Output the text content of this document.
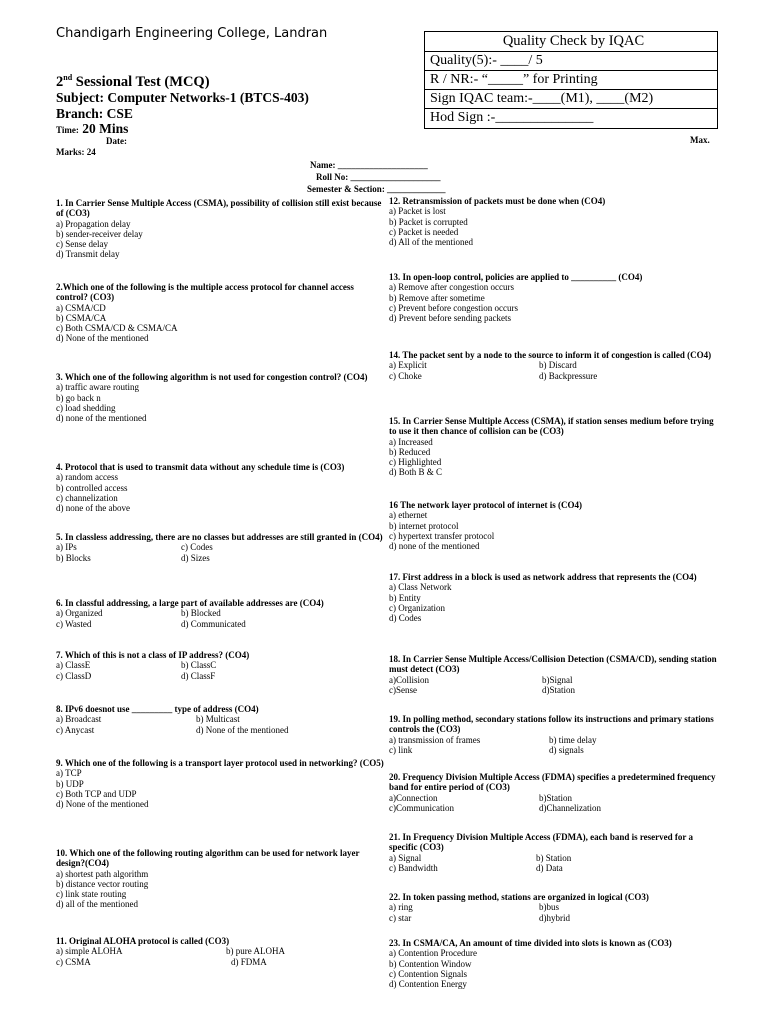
Chandigarh Engineering College, Landran	Quality Check by IQAC
Quality(5):- ____/ 5
R / NR:- “_____” for Printing
Sign IQAC team:-____(M1), ____(M2)
Hod Sign :-______________
2nd Sessional Test (MCQ)
Subject: Computer Networks-1 (BTCS-403)
Branch: CSE
Time: 20 Mins
Date:	Max.
Marks: 24
Name: ____________________
Roll No: ____________________
Semester & Section: _____________
1. In Carrier Sense Multiple Access (CSMA), possibility of collision still exist because of (CO3)
a) Propagation delay
b) sender-receiver delay
c) Sense delay
d) Transmit delay
2.Which one of the following is the multiple access protocol for channel access control? (CO3)
a) CSMA/CD
b) CSMA/CA
c) Both CSMA/CD & CSMA/CA
d) None of the mentioned
3. Which one of the following algorithm is not used for congestion control? (CO4)
a) traffic aware routing
b) go back n
c) load shedding
d) none of the mentioned
4. Protocol that is used to transmit data without any schedule time is (CO3)
a) random access
b) controlled access
c) channelization
d) none of the above
5. In classless addressing, there are no classes but addresses are still granted in (CO4)
a) IPs	c) Codes
b) Blocks	d) Sizes
6. In classful addressing, a large part of available addresses are (CO4)
a) Organized	b) Blocked
c) Wasted	d) Communicated
7. Which of this is not a class of IP address? (CO4)
a) ClassE	b) ClassC
c) ClassD	d) ClassF
8. IPv6 doesnot use _________ type of address (CO4)
a) Broadcast	b) Multicast
c) Anycast	d) None of the mentioned
9. Which one of the following is a transport layer protocol used in networking? (CO5)
a) TCP
b) UDP
c) Both TCP and UDP
d) None of the mentioned
10. Which one of the following routing algorithm can be used for network layer design?(CO4)
a) shortest path algorithm
b) distance vector routing
c) link state routing
d) all of the mentioned
11. Original ALOHA protocol is called (CO3)
a) simple ALOHA	b) pure ALOHA
c) CSMA	d) FDMA
12. Retransmission of packets must be done when (CO4)
a) Packet is lost
b) Packet is corrupted
c) Packet is needed
d) All of the mentioned
13. In open-loop control, policies are applied to __________ (CO4)
a) Remove after congestion occurs
b) Remove after sometime
c) Prevent before congestion occurs
d) Prevent before sending packets
14. The packet sent by a node to the source to inform it of congestion is called (CO4)
a) Explicit	b) Discard
c) Choke	d) Backpressure
15. In Carrier Sense Multiple Access (CSMA), if station senses medium before trying to use it then chance of collision can be (CO3)
a) Increased
b) Reduced
c) Highlighted
d) Both B & C
16 The network layer protocol of internet is (CO4)
a) ethernet
b) internet protocol
c) hypertext transfer protocol
d) none of the mentioned
17. First address in a block is used as network address that represents the (CO4)
a) Class Network
b) Entity
c) Organization
d) Codes
18. In Carrier Sense Multiple Access/Collision Detection (CSMA/CD), sending station must detect (CO3)
a)Collision	b)Signal
c)Sense	d)Station
19. In polling method, secondary stations follow its instructions and primary stations controls the (CO3)
a) transmission of frames	b) time delay
c) link	d) signals
20. Frequency Division Multiple Access (FDMA) specifies a predetermined frequency band for entire period of (CO3)
a)Connection	b)Station
c)Communication	d)Channelization
21. In Frequency Division Multiple Access (FDMA), each band is reserved for a specific (CO3)
a) Signal	b) Station
c) Bandwidth	d) Data
22. In token passing method, stations are organized in logical (CO3)
a) ring	b)bus
c) star	d)hybrid
23. In CSMA/CA, An amount of time divided into slots is known as (CO3)
a) Contention Procedure
b) Contention Window
c) Contention Signals
d) Contention Energy
